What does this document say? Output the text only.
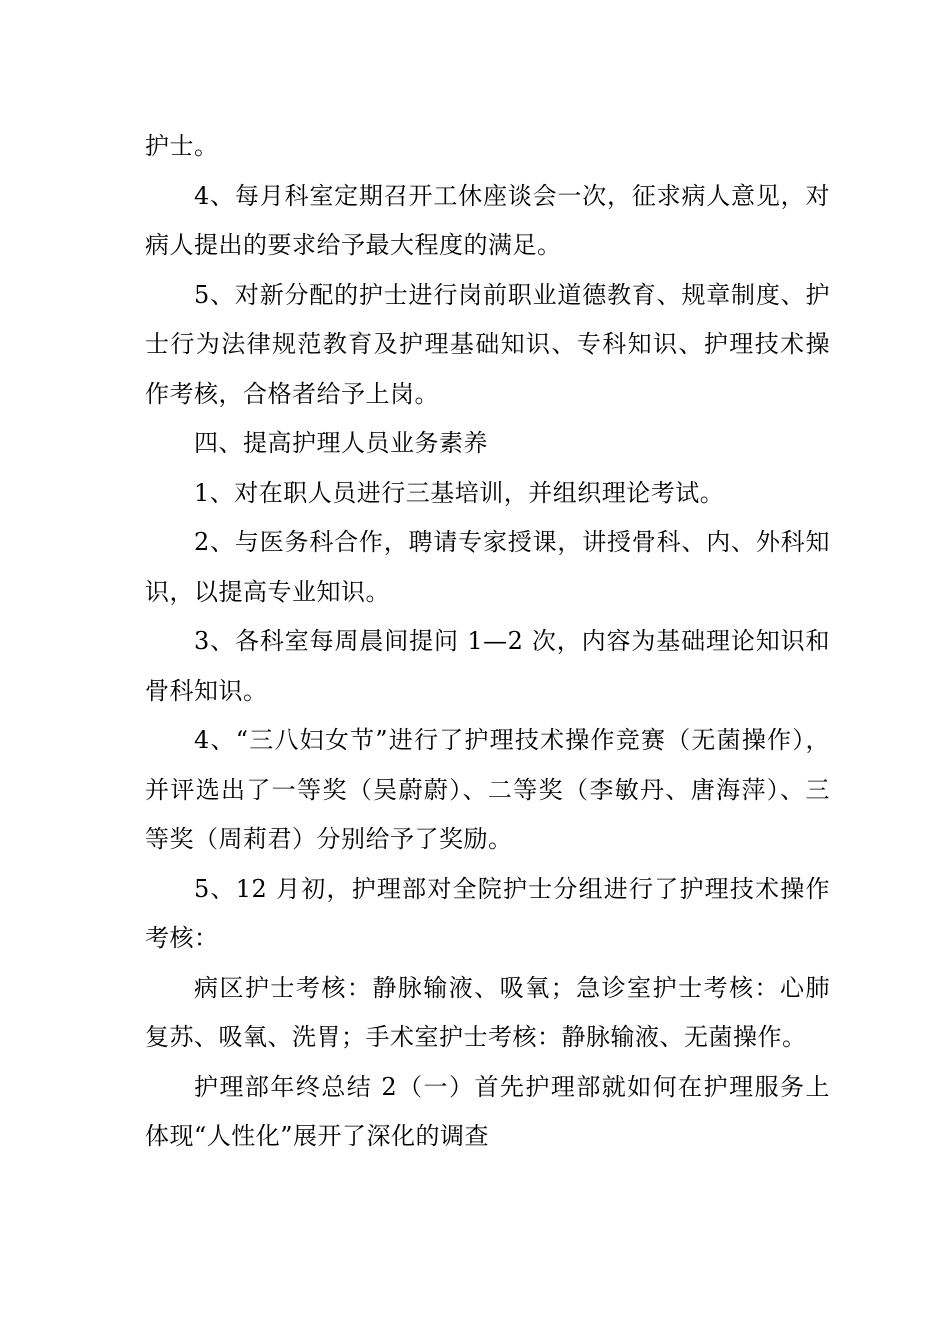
护士。

4、每月科室定期召开工休座谈会一次，征求病人意见，对病人提出的要求给予最大程度的满足。

5、对新分配的护士进行岗前职业道德教育、规章制度、护士行为法律规范教育及护理基础知识、专科知识、护理技术操作考核，合格者给予上岗。

四、提高护理人员业务素养

1、对在职人员进行三基培训，并组织理论考试。

2、与医务科合作，聘请专家授课，讲授骨科、内、外科知识，以提高专业知识。

3、各科室每周晨间提问 1—2 次，内容为基础理论知识和骨科知识。

4、“三八妇女节”进行了护理技术操作竞赛（无菌操作），并评选出了一等奖（吴蔚蔚）、二等奖（李敏丹、唐海萍）、三等奖（周莉君）分别给予了奖励。

5、12 月初，护理部对全院护士分组进行了护理技术操作考核：

病区护士考核：静脉输液、吸氧；急诊室护士考核：心肺复苏、吸氧、洗胃；手术室护士考核：静脉输液、无菌操作。

护理部年终总结 2（一）首先护理部就如何在护理服务上体现“人性化”展开了深化的调查
